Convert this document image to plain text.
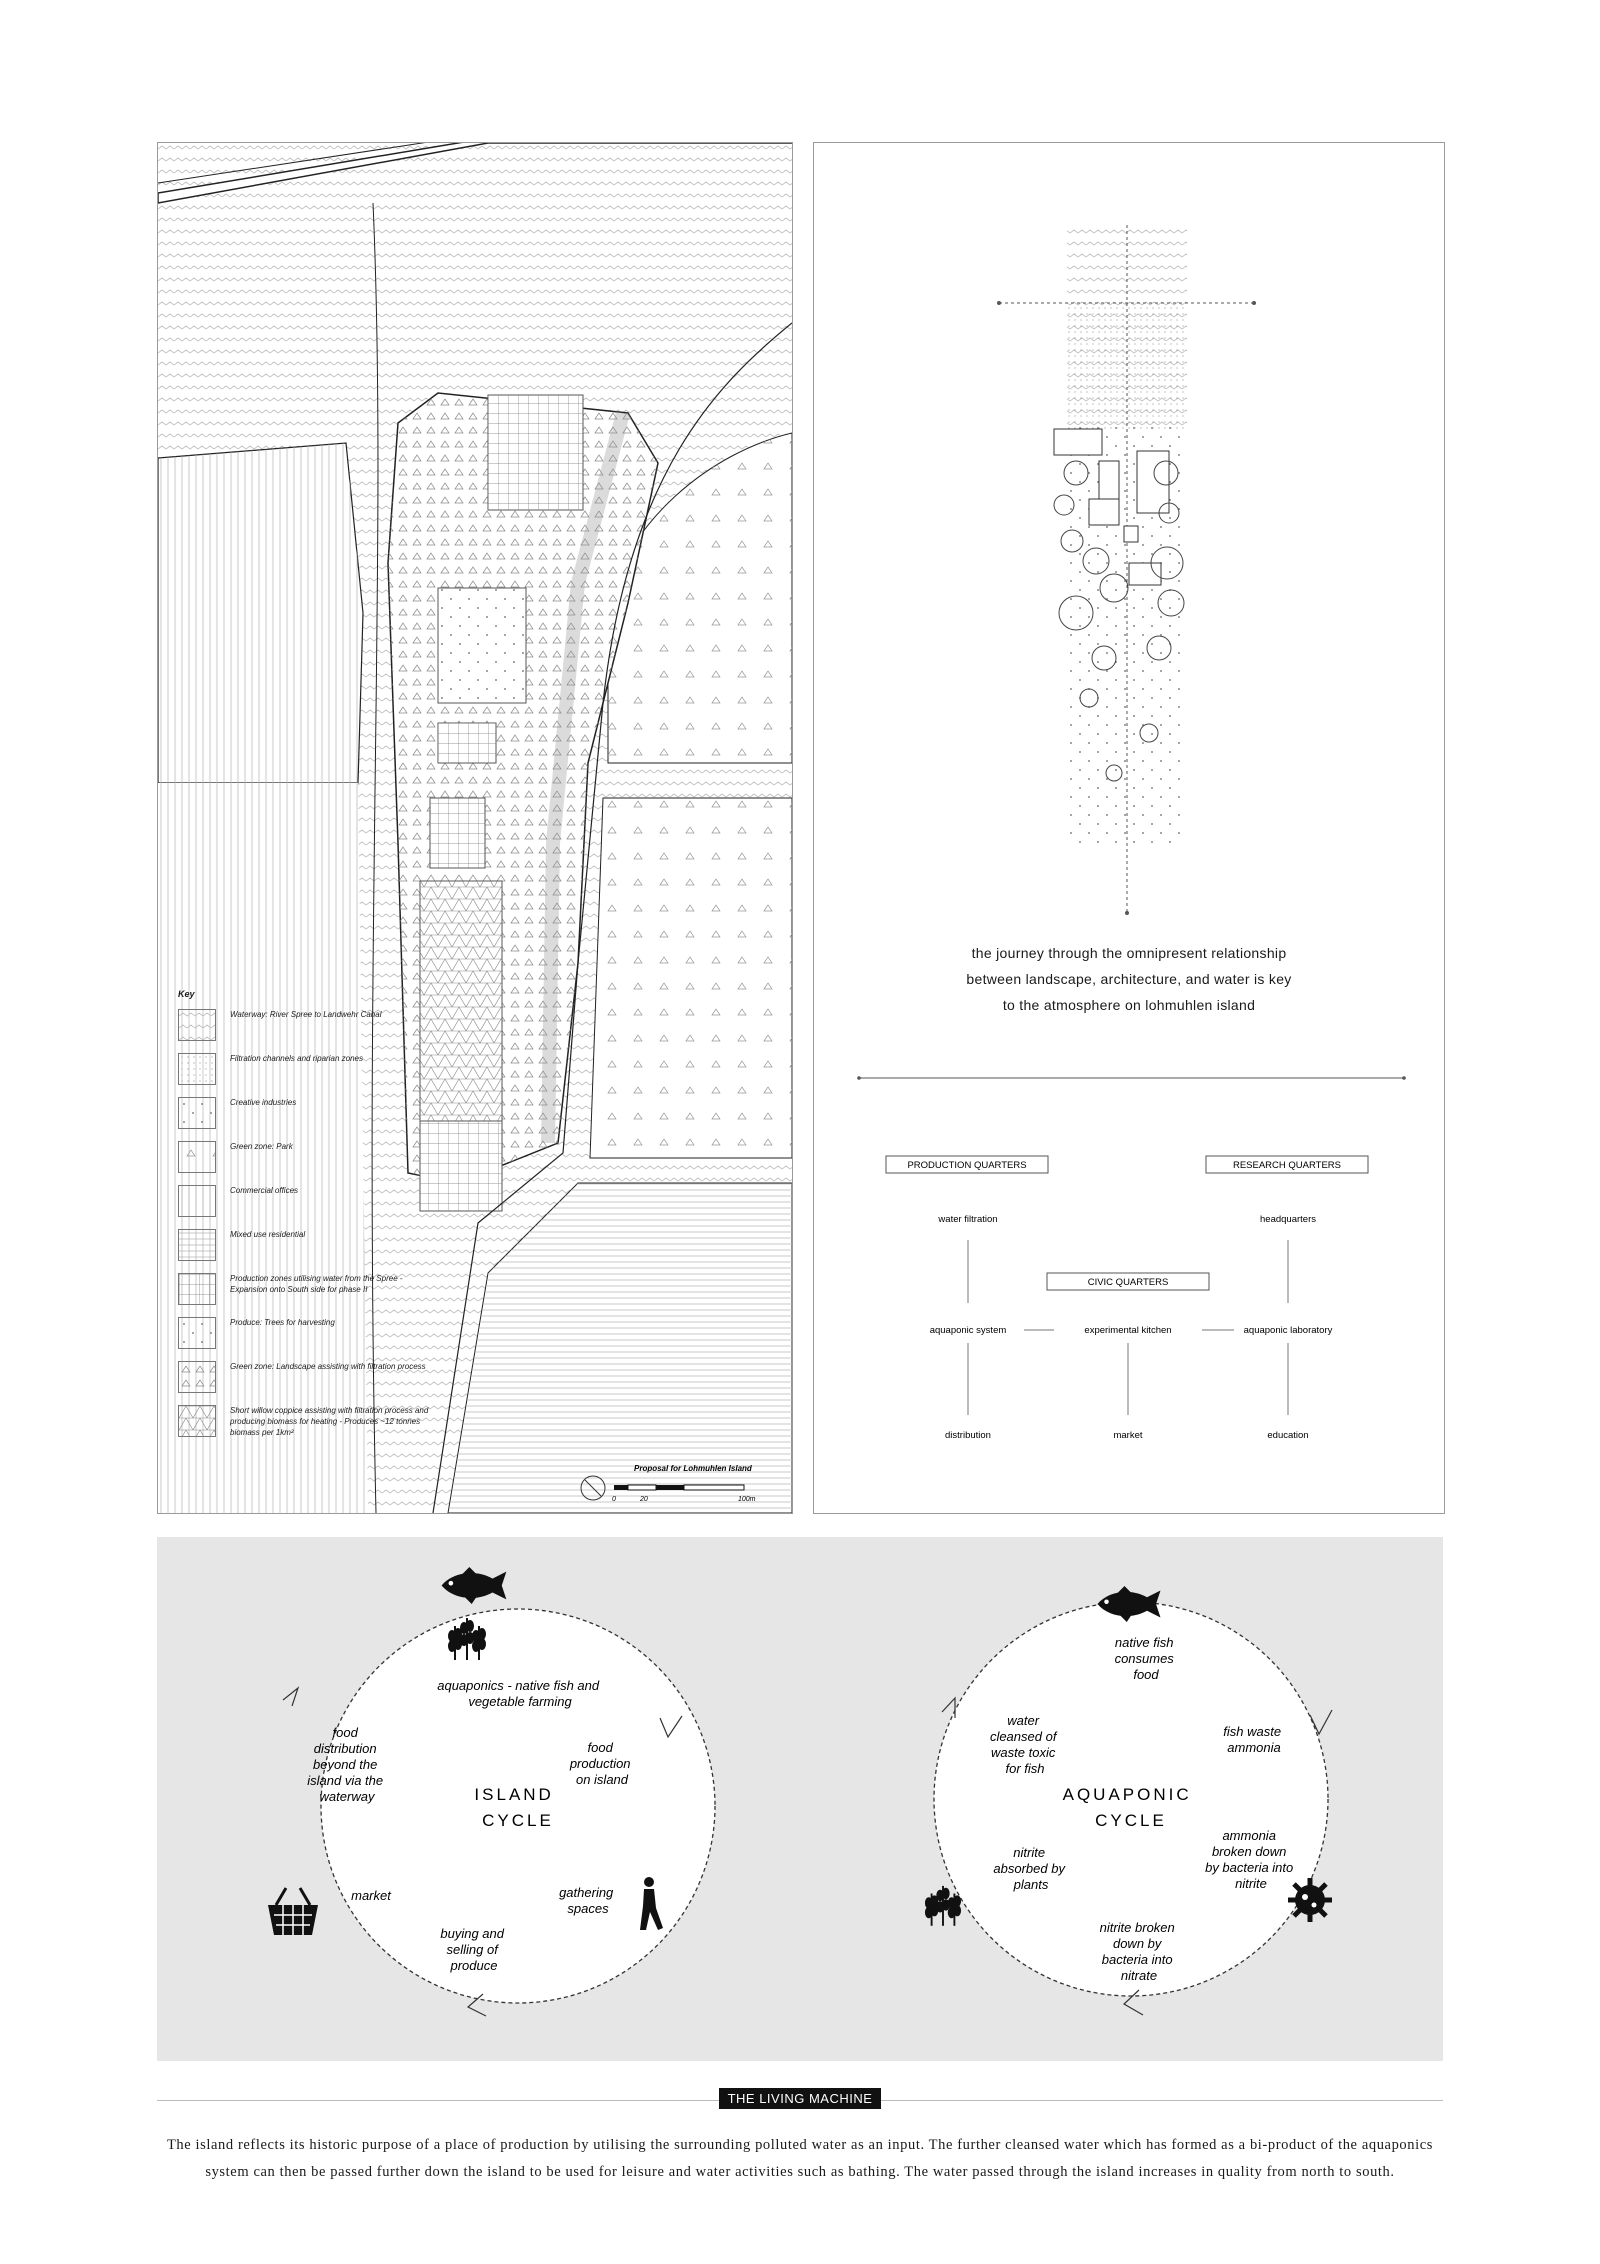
Proposal for Lohmuhlen Island
0	20	100m
Key
Waterway: River Spree to Landwehr Canal
Filtration channels and riparian zones
Creative industries
Green zone: Park
Commercial offices
Mixed use residential
Production zones utilising water from the Spree - Expansion onto South side for phase II
Produce: Trees for harvesting
Green zone: Landscape assisting with filtration process
Short willow coppice assisting with filtration process and producing biomass for heating - Produces ~12 tonnes biomass per 1km²
the journey through the omnipresent relationship
between landscape, architecture, and water is key
to the atmosphere on lohmuhlen island
PRODUCTION QUARTERS	RESEARCH QUARTERS
CIVIC QUARTERS
water filtration	headquarters
aquaponic system	experimental kitchen	aquaponic laboratory
distribution	market	education
ISLAND CYCLE
aquaponics - native fish and vegetable farming
food production on island
gathering spaces
buying and selling of produce
market
food distribution beyond the island via the waterway	AQUAPONIC CYCLE
native fish consumes food
fish waste ammonia
ammonia broken down by bacteria into nitrite
nitrite broken down by bacteria into nitrate
nitrite absorbed by plants
water cleansed of waste toxic for fish
THE LIVING MACHINE
The island reflects its historic purpose of a place of production by utilising the surrounding polluted water as an input. The further cleansed water which has formed as a bi-product of the aquaponics system can then be passed further down the island to be used for leisure and water activities such as bathing. The water passed through the island increases in quality from north to south.
